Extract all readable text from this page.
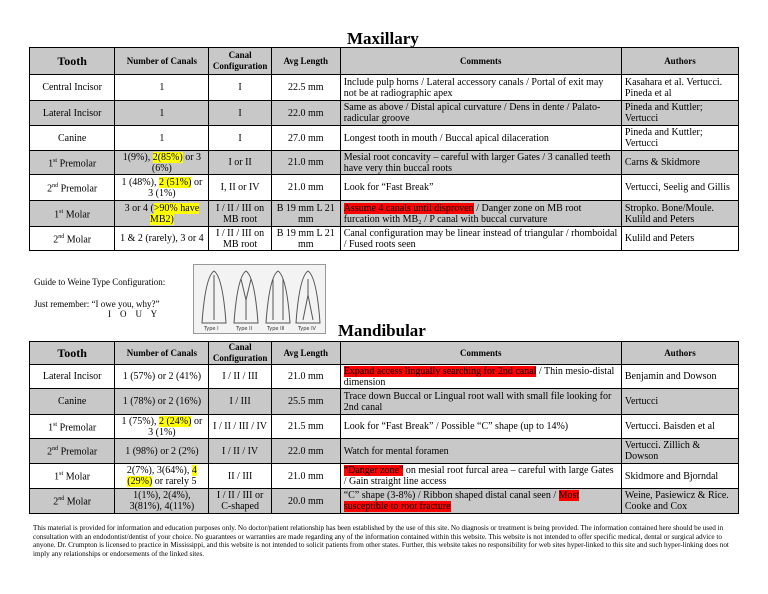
Maxillary
Tooth	Number of Canals	Canal Configuration	Avg Length	Comments	Authors
Central Incisor	1	I	22.5 mm	Include pulp horns / Lateral accessory canals / Portal of exit may not be at radiographic apex	Kasahara et al. Vertucci. Pineda et al
Lateral Incisor	1	I	22.0 mm	Same as above / Distal apical curvature / Dens in dente / Palato-radicular groove	Pineda and Kuttler; Vertucci
Canine	1	I	27.0 mm	Longest tooth in mouth / Buccal apical dilaceration	Pineda and Kuttler; Vertucci
1st Premolar	1(9%), 2(85%) or 3 (6%)	I or II	21.0 mm	Mesial root concavity – careful with larger Gates / 3 canalled teeth have very thin buccal roots	Carns & Skidmore
2nd Premolar	1 (48%), 2 (51%) or 3 (1%)	I, II or IV	21.0 mm	Look for “Fast Break”	Vertucci, Seelig and Gillis
1st Molar	3 or 4 (>90% have MB2)	I / II / III on MB root	B 19 mm L 21 mm	Assume 4 canals until disproven / Danger zone on MB root furcation with MB₂ / P canal with buccal curvature	Stropko. Bone/Moule. Kulild and Peters
2nd Molar	1 & 2 (rarely), 3 or 4	I / II / III on MB root	B 19 mm L 21 mm	Canal configuration may be linear instead of triangular / rhomboidal / Fused roots seen	Kulild and Peters
Guide to Weine Type Configuration:
Just remember: “I owe you, why?”
I    O    U    Y
Type I	Type II	Type III	Type IV Mandibular
Tooth	Number of Canals	Canal Configuration	Avg Length	Comments	Authors
Lateral Incisor	1 (57%) or 2 (41%)	I / II / III	21.0 mm	Expand access lingually searching for 2nd canal / Thin mesio-distal dimension	Benjamin and Dowson
Canine	1 (78%) or 2 (16%)	I / III	25.5 mm	Trace down Buccal or Lingual root wall with small file looking for 2nd canal	Vertucci
1st Premolar	1 (75%), 2 (24%) or 3 (1%)	I / II / III / IV	21.5 mm	Look for “Fast Break” / Possible “C” shape (up to 14%)	Vertucci. Baisden et al
2nd Premolar	1 (98%) or 2 (2%)	I / II / IV	22.0 mm	Watch for mental foramen	Vertucci. Zillich & Dowson
1st Molar	2(7%), 3(64%), 4 (29%) or rarely 5	II / III	21.0 mm	“Danger zone” on mesial root furcal area – careful with large Gates / Gain straight line access	Skidmore and Bjorndal
2nd Molar	1(1%), 2(4%), 3(81%), 4(11%)	I / II / III or C-shaped	20.0 mm	“C” shape (3-8%) / Ribbon shaped distal canal seen / Most susceptible to root fracture	Weine, Pasiewicz & Rice. Cooke and Cox
This material is provided for information and education purposes only. No doctor/patient relationship has been established by the use of this site. No diagnosis or treatment is being provided. The information contained here should be used in consultation with an endodontist/dentist of your choice. No guarantees or warranties are made regarding any of the information contained within this website. This website is not intended to offer specific medical, dental or surgical advice to anyone. Dr. Crumpton is licensed to practice in Mississippi, and this website is not intended to solicit patients from other states. Further, this website takes no responsibility for web sites hyper-linked to this site and such hyper-linking does not imply any relationships or endorsements of the linked sites.
